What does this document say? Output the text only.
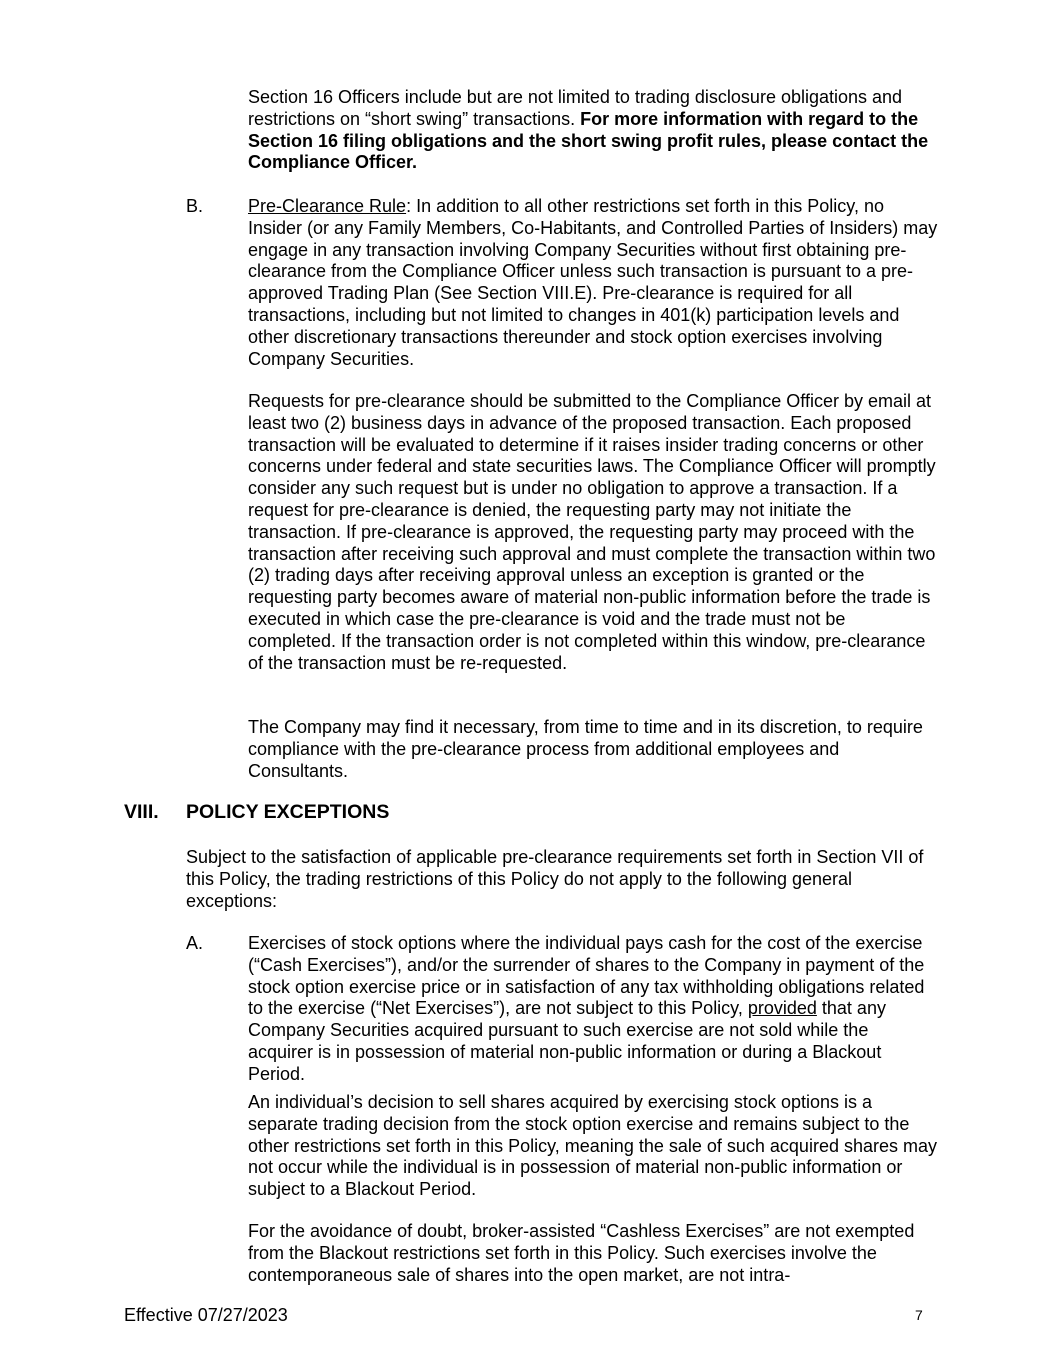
Section 16 Officers include but are not limited to trading disclosure obligations and restrictions on “short swing” transactions. For more information with regard to the Section 16 filing obligations and the short swing profit rules, please contact the Compliance Officer.

B. Pre-Clearance Rule: In addition to all other restrictions set forth in this Policy, no Insider (or any Family Members, Co-Habitants, and Controlled Parties of Insiders) may engage in any transaction involving Company Securities without first obtaining pre-clearance from the Compliance Officer unless such transaction is pursuant to a pre-approved Trading Plan (See Section VIII.E). Pre-clearance is required for all transactions, including but not limited to changes in 401(k) participation levels and other discretionary transactions thereunder and stock option exercises involving Company Securities.

Requests for pre-clearance should be submitted to the Compliance Officer by email at least two (2) business days in advance of the proposed transaction. Each proposed transaction will be evaluated to determine if it raises insider trading concerns or other concerns under federal and state securities laws. The Compliance Officer will promptly consider any such request but is under no obligation to approve a transaction. If a request for pre-clearance is denied, the requesting party may not initiate the transaction. If pre-clearance is approved, the requesting party may proceed with the transaction after receiving such approval and must complete the transaction within two (2) trading days after receiving approval unless an exception is granted or the requesting party becomes aware of material non-public information before the trade is executed in which case the pre-clearance is void and the trade must not be completed. If the transaction order is not completed within this window, pre-clearance of the transaction must be re-requested.

The Company may find it necessary, from time to time and in its discretion, to require compliance with the pre-clearance process from additional employees and Consultants.

VIII. POLICY EXCEPTIONS

Subject to the satisfaction of applicable pre-clearance requirements set forth in Section VII of this Policy, the trading restrictions of this Policy do not apply to the following general exceptions:

A. Exercises of stock options where the individual pays cash for the cost of the exercise (“Cash Exercises”), and/or the surrender of shares to the Company in payment of the stock option exercise price or in satisfaction of any tax withholding obligations related to the exercise (“Net Exercises”), are not subject to this Policy, provided that any Company Securities acquired pursuant to such exercise are not sold while the acquirer is in possession of material non-public information or during a Blackout Period.

An individual’s decision to sell shares acquired by exercising stock options is a separate trading decision from the stock option exercise and remains subject to the other restrictions set forth in this Policy, meaning the sale of such acquired shares may not occur while the individual is in possession of material non-public information or subject to a Blackout Period.

For the avoidance of doubt, broker-assisted “Cashless Exercises” are not exempted from the Blackout restrictions set forth in this Policy. Such exercises involve the contemporaneous sale of shares into the open market, are not intra-

Effective 07/27/2023	7
